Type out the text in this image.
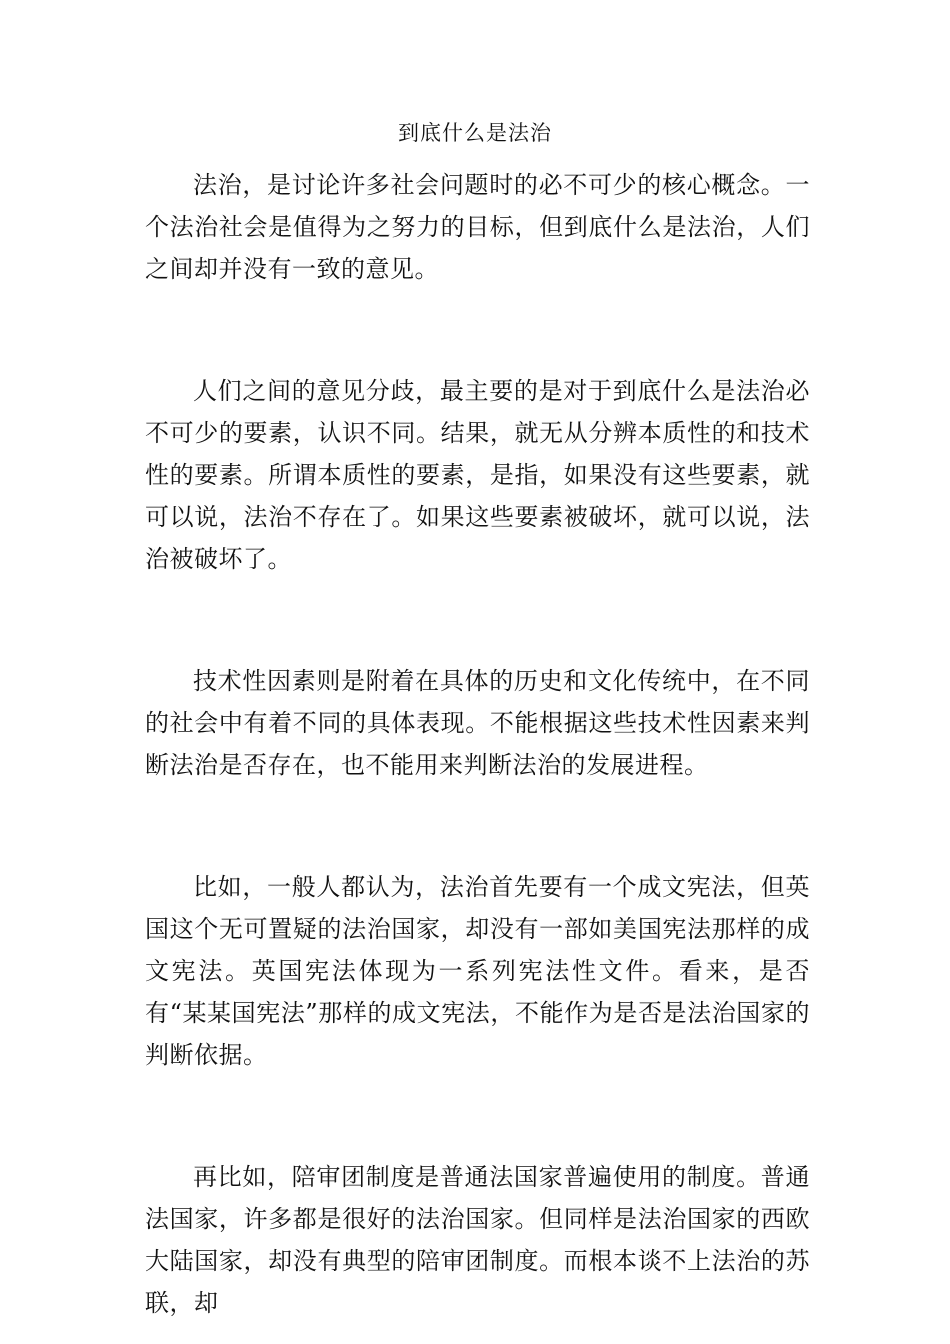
到底什么是法治

法治，是讨论许多社会问题时的必不可少的核心概念。一个法治社会是值得为之努力的目标，但到底什么是法治，人们之间却并没有一致的意见。

人们之间的意见分歧，最主要的是对于到底什么是法治必不可少的要素，认识不同。结果，就无从分辨本质性的和技术性的要素。所谓本质性的要素，是指，如果没有这些要素，就可以说，法治不存在了。如果这些要素被破坏，就可以说，法治被破坏了。

技术性因素则是附着在具体的历史和文化传统中，在不同的社会中有着不同的具体表现。不能根据这些技术性因素来判断法治是否存在，也不能用来判断法治的发展进程。

比如，一般人都认为，法治首先要有一个成文宪法，但英国这个无可置疑的法治国家，却没有一部如美国宪法那样的成文宪法。英国宪法体现为一系列宪法性文件。看来，是否有“某某国宪法”那样的成文宪法，不能作为是否是法治国家的判断依据。

再比如，陪审团制度是普通法国家普遍使用的制度。普通法国家，许多都是很好的法治国家。但同样是法治国家的西欧大陆国家，却没有典型的陪审团制度。而根本谈不上法治的苏联，却
